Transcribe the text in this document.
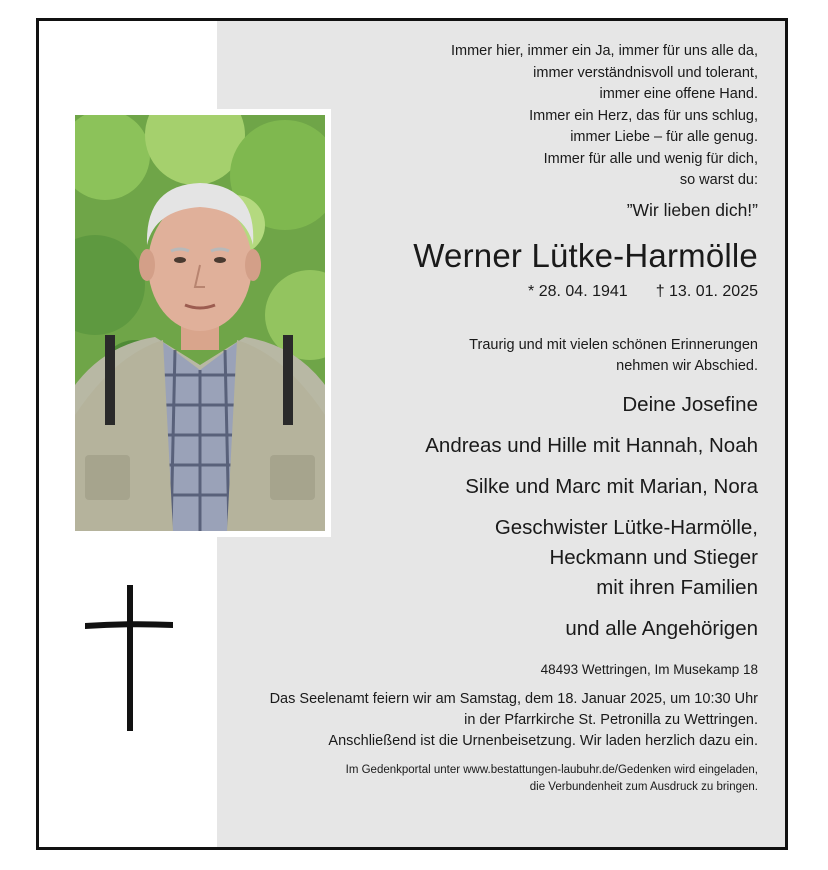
Immer hier, immer ein Ja, immer für uns alle da,
immer verständnisvoll und tolerant,
immer eine offene Hand.
Immer ein Herz, das für uns schlug,
immer Liebe – für alle genug.
Immer für alle und wenig für dich,
so warst du:
”Wir lieben dich!”
Werner Lütke-Harmölle
* 28. 04. 1941 † 13. 01. 2025
Traurig und mit vielen schönen Erinnerungen
nehmen wir Abschied.
Deine Josefine
Andreas und Hille mit Hannah, Noah
Silke und Marc mit Marian, Nora
Geschwister Lütke-Harmölle,
Heckmann und Stieger
mit ihren Familien
und alle Angehörigen
48493 Wettringen, Im Musekamp 18
Das Seelenamt feiern wir am Samstag, dem 18. Januar 2025, um 10:30 Uhr
in der Pfarrkirche St. Petronilla zu Wettringen.
Anschließend ist die Urnenbeisetzung. Wir laden herzlich dazu ein.
Im Gedenkportal unter www.bestattungen-laubuhr.de/Gedenken wird eingeladen,
die Verbundenheit zum Ausdruck zu bringen.
